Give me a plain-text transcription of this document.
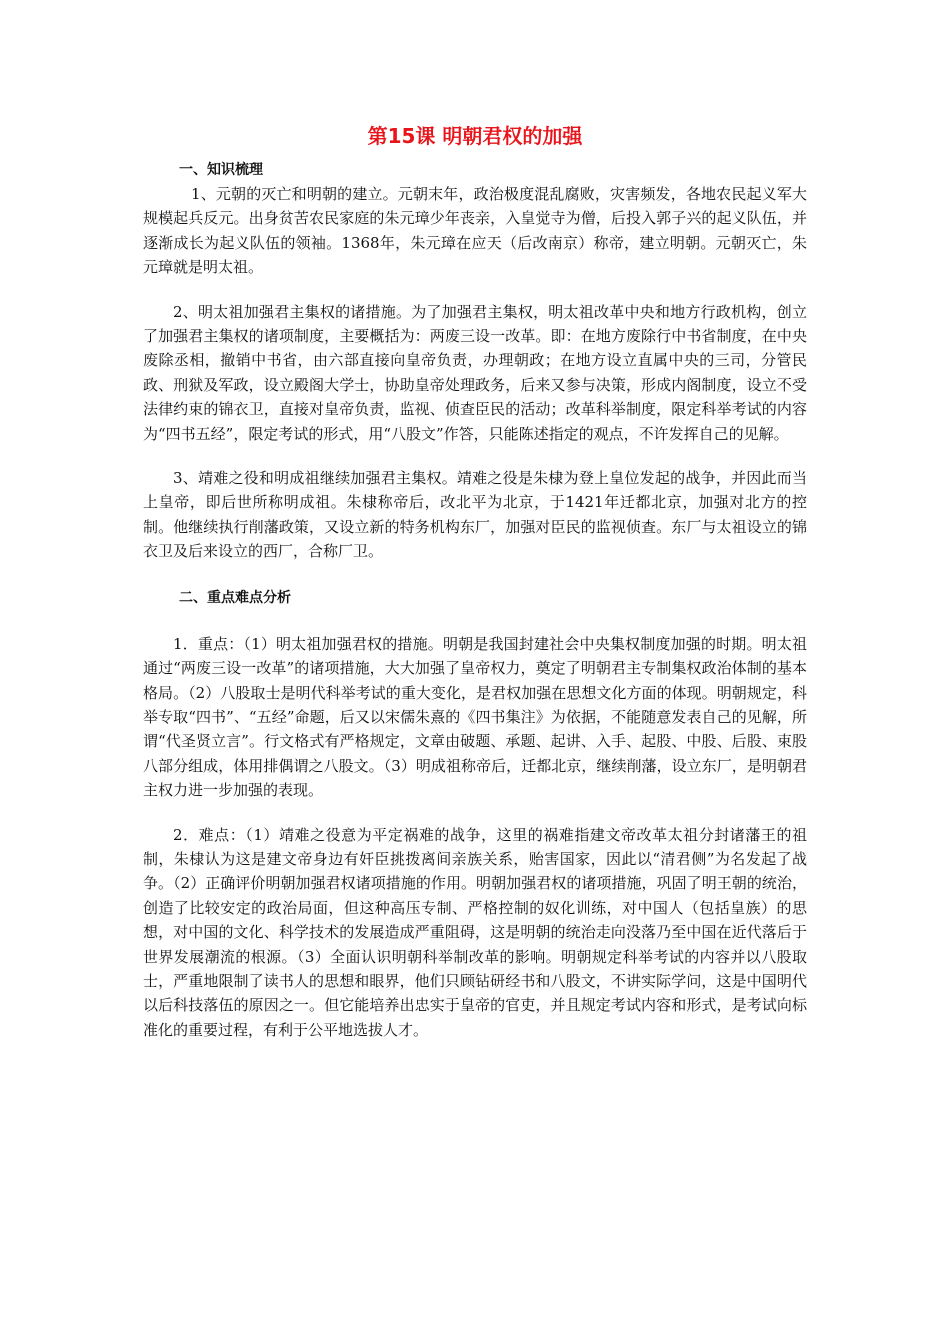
第15课 明朝君权的加强
一、知识梳理

1、元朝的灭亡和明朝的建立。元朝末年，政治极度混乱腐败，灾害频发，各地农民起义军大规模起兵反元。出身贫苦农民家庭的朱元璋少年丧亲，入皇觉寺为僧，后投入郭子兴的起义队伍，并逐渐成长为起义队伍的领袖。1368年，朱元璋在应天（后改南京）称帝，建立明朝。元朝灭亡，朱元璋就是明太祖。

2、明太祖加强君主集权的诸措施。为了加强君主集权，明太祖改革中央和地方行政机构，创立了加强君主集权的诸项制度，主要概括为：两废三设一改革。即：在地方废除行中书省制度，在中央废除丞相，撤销中书省，由六部直接向皇帝负责，办理朝政；在地方设立直属中央的三司，分管民政、刑狱及军政，设立殿阁大学士，协助皇帝处理政务，后来又参与决策，形成内阁制度，设立不受法律约束的锦衣卫，直接对皇帝负责，监视、侦查臣民的活动；改革科举制度，限定科举考试的内容为“四书五经”，限定考试的形式，用“八股文”作答，只能陈述指定的观点，不许发挥自己的见解。

3、靖难之役和明成祖继续加强君主集权。靖难之役是朱棣为登上皇位发起的战争，并因此而当上皇帝，即后世所称明成祖。朱棣称帝后，改北平为北京，于1421年迁都北京，加强对北方的控制。他继续执行削藩政策，又设立新的特务机构东厂，加强对臣民的监视侦查。东厂与太祖设立的锦衣卫及后来设立的西厂，合称厂卫。

二、重点难点分析

1．重点：（1）明太祖加强君权的措施。明朝是我国封建社会中央集权制度加强的时期。明太祖通过“两废三设一改革”的诸项措施，大大加强了皇帝权力，奠定了明朝君主专制集权政治体制的基本格局。（2）八股取士是明代科举考试的重大变化，是君权加强在思想文化方面的体现。明朝规定，科举专取“四书”、“五经”命题，后又以宋儒朱熹的《四书集注》为依据，不能随意发表自己的见解，所谓“代圣贤立言”。行文格式有严格规定，文章由破题、承题、起讲、入手、起股、中股、后股、束股八部分组成，体用排偶谓之八股文。（3）明成祖称帝后，迁都北京，继续削藩，设立东厂，是明朝君主权力进一步加强的表现。

2．难点：（1）靖难之役意为平定祸难的战争，这里的祸难指建文帝改革太祖分封诸藩王的祖制，朱棣认为这是建文帝身边有奸臣挑拨离间亲族关系，贻害国家，因此以“清君侧”为名发起了战争。（2）正确评价明朝加强君权诸项措施的作用。明朝加强君权的诸项措施，巩固了明王朝的统治，创造了比较安定的政治局面，但这种高压专制、严格控制的奴化训练，对中国人（包括皇族）的思想，对中国的文化、科学技术的发展造成严重阻碍，这是明朝的统治走向没落乃至中国在近代落后于世界发展潮流的根源。（3）全面认识明朝科举制改革的影响。明朝规定科举考试的内容并以八股取士，严重地限制了读书人的思想和眼界，他们只顾钻研经书和八股文，不讲实际学问，这是中国明代以后科技落伍的原因之一。但它能培养出忠实于皇帝的官吏，并且规定考试内容和形式，是考试向标准化的重要过程，有利于公平地选拔人才。
